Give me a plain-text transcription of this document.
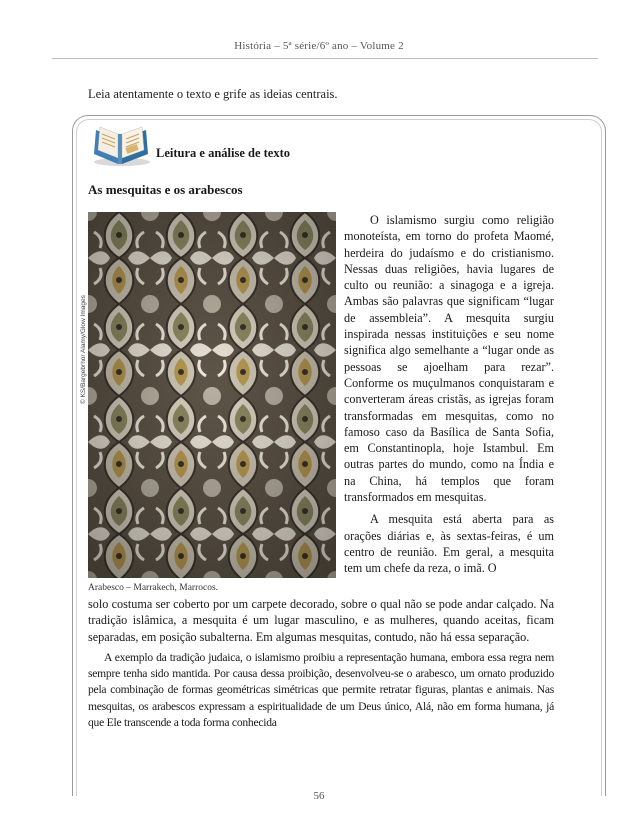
História – 5ª série/6º ano – Volume 2
Leia atentamente o texto e grife as ideias centrais.
Leitura e análise de texto
As mesquitas e os arabescos
© KS/Bargebrhor Alamy/Glow Images
Arabesco – Marrakech, Marrocos.

O islamismo surgiu como religião monoteísta, em torno do profeta Maomé, herdeira do judaísmo e do cristianismo. Nessas duas religiões, havia lugares de culto ou reunião: a sinagoga e a igreja. Ambas são palavras que significam “lugar de assembleia”. A mesquita surgiu inspirada nessas instituições e seu nome significa algo semelhante a “lugar onde as pessoas se ajoelham para rezar”. Conforme os muçulmanos conquistaram e converteram áreas cristãs, as igrejas foram transformadas em mesquitas, como no famoso caso da Basílica de Santa Sofia, em Constantinopla, hoje Istambul. Em outras partes do mundo, como na Índia e na China, há templos que foram transformados em mesquitas.

A mesquita está aberta para as orações diárias e, às sextas-feiras, é um centro de reunião. Em geral, a mesquita tem um chefe da reza, o imã. O

solo costuma ser coberto por um carpete decorado, sobre o qual não se pode andar calçado. Na tradição islâmica, a mesquita é um lugar masculino, e as mulheres, quando aceitas, ficam separadas, em posição subalterna. Em algumas mesquitas, contudo, não há essa separação.

A exemplo da tradição judaica, o islamismo proibiu a representação humana, embora essa regra nem sempre tenha sido mantida. Por causa dessa proibição, desenvolveu-se o arabesco, um ornato produzido pela combinação de formas geométricas simétricas que permite retratar figuras, plantas e animais. Nas mesquitas, os arabescos expressam a espiritualidade de um Deus único, Alá, não em forma humana, já que Ele transcende a toda forma conhecida

56
